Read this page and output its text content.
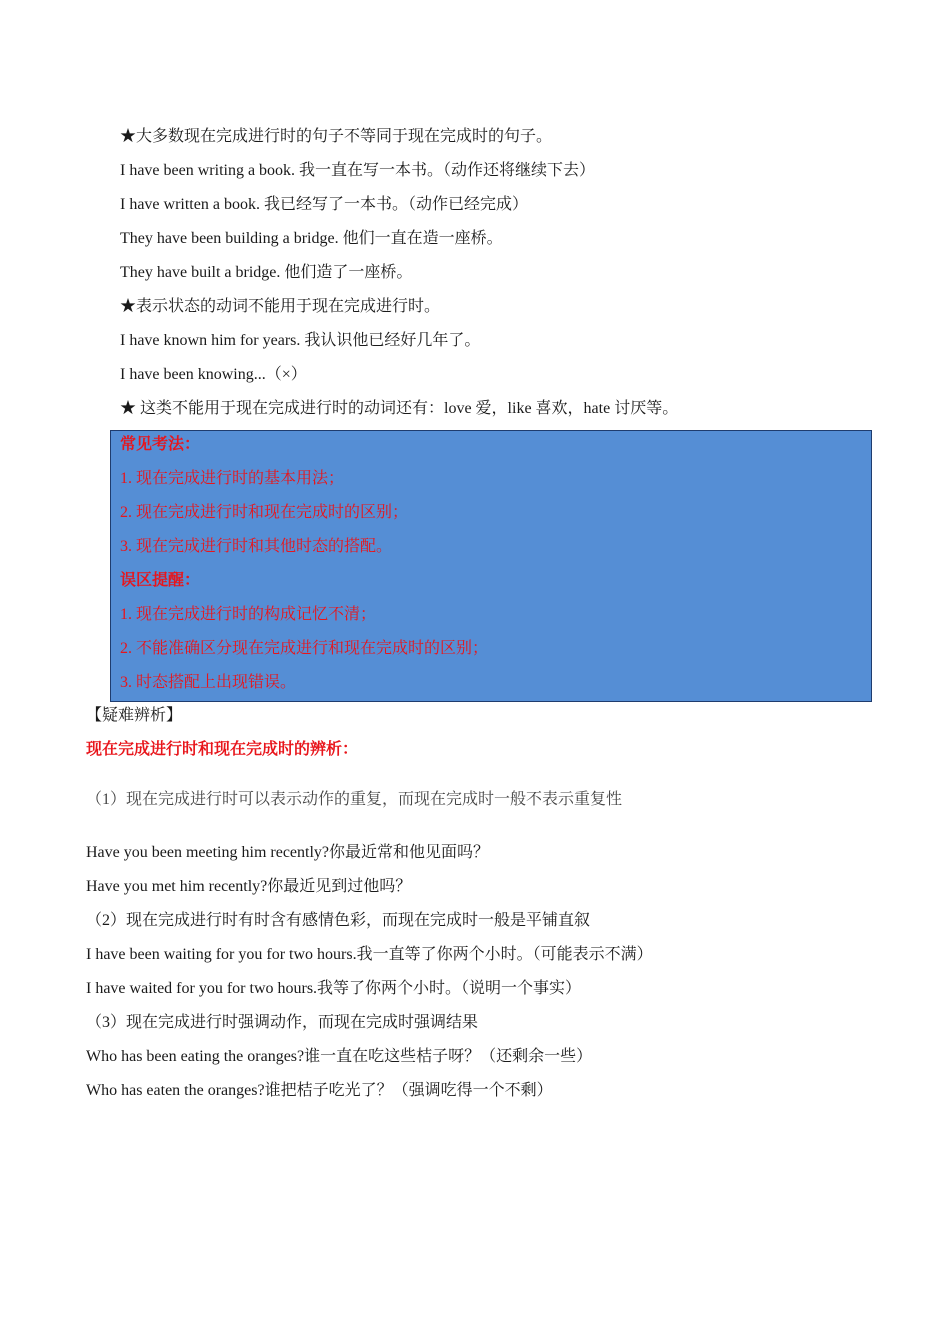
★大多数现在完成进行时的句子不等同于现在完成时的句子。
I have been writing a book. 我一直在写一本书。（动作还将继续下去）
I have written a book. 我已经写了一本书。（动作已经完成）
They have been building a bridge. 他们一直在造一座桥。
They have built a bridge. 他们造了一座桥。
★表示状态的动词不能用于现在完成进行时。
I have known him for years. 我认识他已经好几年了。
I have been knowing...（×）
★ 这类不能用于现在完成进行时的动词还有：love 爱，like 喜欢，hate 讨厌等。
常见考法：
1. 现在完成进行时的基本用法；
2. 现在完成进行时和现在完成时的区别；
3. 现在完成进行时和其他时态的搭配。
误区提醒：
1. 现在完成进行时的构成记忆不清；
2. 不能准确区分现在完成进行和现在完成时的区别；
3. 时态搭配上出现错误。
【疑难辨析】
现在完成进行时和现在完成时的辨析：
（1）现在完成进行时可以表示动作的重复，而现在完成时一般不表示重复性
Have you been meeting him recently?你最近常和他见面吗？
Have you met him recently?你最近见到过他吗？
（2）现在完成进行时有时含有感情色彩，而现在完成时一般是平铺直叙
I have been waiting for you for two hours.我一直等了你两个小时。（可能表示不满）
I have waited for you for two hours.我等了你两个小时。（说明一个事实）
（3）现在完成进行时强调动作，而现在完成时强调结果
Who has been eating the oranges?谁一直在吃这些桔子呀？（还剩余一些）
Who has eaten the oranges?谁把桔子吃光了？（强调吃得一个不剩）
